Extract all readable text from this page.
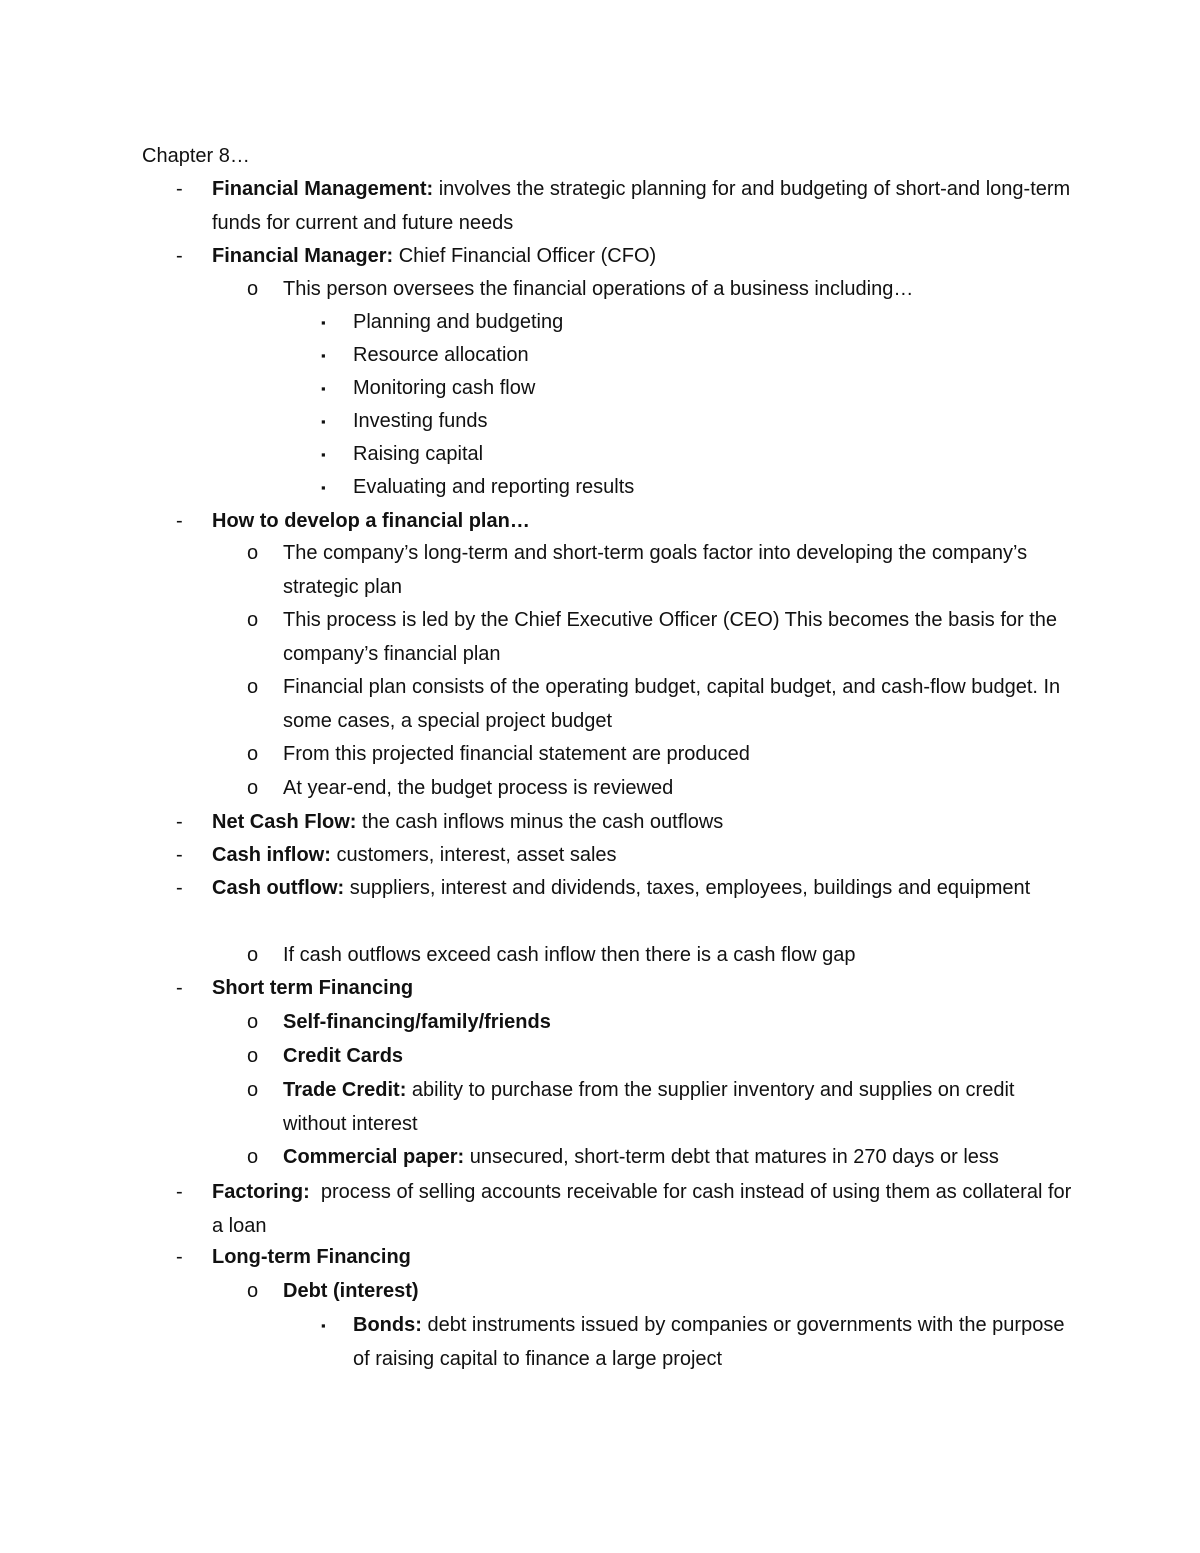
Chapter 8…
- Financial Management: involves the strategic planning for and budgeting of short-and long-term funds for current and future needs
- Financial Manager: Chief Financial Officer (CFO)
o This person oversees the financial operations of a business including…
▪ Planning and budgeting
▪ Resource allocation
▪ Monitoring cash flow
▪ Investing funds
▪ Raising capital
▪ Evaluating and reporting results
- How to develop a financial plan…
o The company’s long-term and short-term goals factor into developing the company’s strategic plan
o This process is led by the Chief Executive Officer (CEO) This becomes the basis for the company’s financial plan
o Financial plan consists of the operating budget, capital budget, and cash-flow budget. In some cases, a special project budget
o From this projected financial statement are produced
o At year-end, the budget process is reviewed
- Net Cash Flow: the cash inflows minus the cash outflows
- Cash inflow: customers, interest, asset sales
- Cash outflow: suppliers, interest and dividends, taxes, employees, buildings and equipment
o If cash outflows exceed cash inflow then there is a cash flow gap
- Short term Financing
o Self-financing/family/friends
o Credit Cards
o Trade Credit: ability to purchase from the supplier inventory and supplies on credit without interest
o Commercial paper: unsecured, short-term debt that matures in 270 days or less
- Factoring:  process of selling accounts receivable for cash instead of using them as collateral for a loan
- Long-term Financing
o Debt (interest)
▪ Bonds: debt instruments issued by companies or governments with the purpose of raising capital to finance a large project
